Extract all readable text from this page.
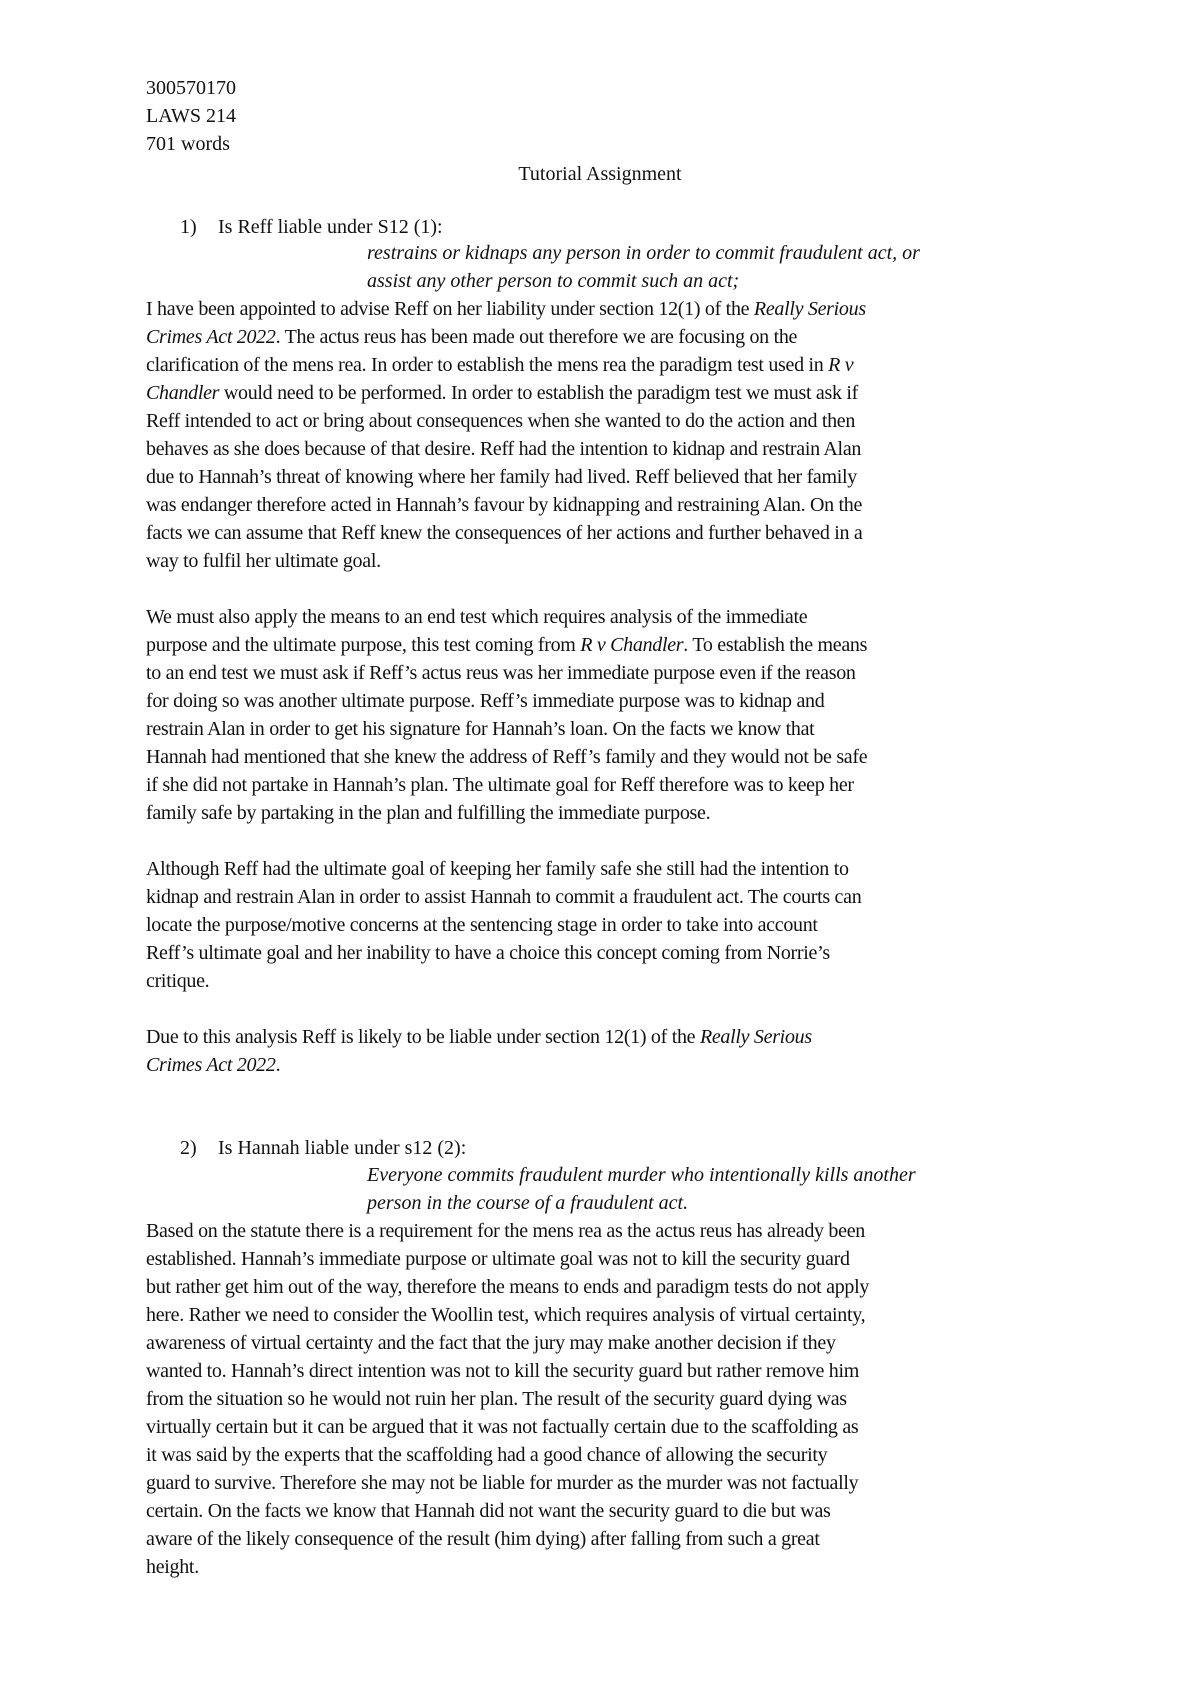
300570170
LAWS 214
701 words
Tutorial Assignment
1) Is Reff liable under S12 (1):
restrains or kidnaps any person in order to commit fraudulent act, or
assist any other person to commit such an act;
I have been appointed to advise Reff on her liability under section 12(1) of the Really Serious
Crimes Act 2022. The actus reus has been made out therefore we are focusing on the
clarification of the mens rea. In order to establish the mens rea the paradigm test used in R v
Chandler would need to be performed. In order to establish the paradigm test we must ask if
Reff intended to act or bring about consequences when she wanted to do the action and then
behaves as she does because of that desire. Reff had the intention to kidnap and restrain Alan
due to Hannah’s threat of knowing where her family had lived. Reff believed that her family
was endanger therefore acted in Hannah’s favour by kidnapping and restraining Alan. On the
facts we can assume that Reff knew the consequences of her actions and further behaved in a
way to fulfil her ultimate goal.
We must also apply the means to an end test which requires analysis of the immediate
purpose and the ultimate purpose, this test coming from R v Chandler. To establish the means
to an end test we must ask if Reff’s actus reus was her immediate purpose even if the reason
for doing so was another ultimate purpose. Reff’s immediate purpose was to kidnap and
restrain Alan in order to get his signature for Hannah’s loan. On the facts we know that
Hannah had mentioned that she knew the address of Reff’s family and they would not be safe
if she did not partake in Hannah’s plan. The ultimate goal for Reff therefore was to keep her
family safe by partaking in the plan and fulfilling the immediate purpose.
Although Reff had the ultimate goal of keeping her family safe she still had the intention to
kidnap and restrain Alan in order to assist Hannah to commit a fraudulent act. The courts can
locate the purpose/motive concerns at the sentencing stage in order to take into account
Reff’s ultimate goal and her inability to have a choice this concept coming from Norrie’s
critique.
Due to this analysis Reff is likely to be liable under section 12(1) of the Really Serious
Crimes Act 2022.
2) Is Hannah liable under s12 (2):
Everyone commits fraudulent murder who intentionally kills another
person in the course of a fraudulent act.
Based on the statute there is a requirement for the mens rea as the actus reus has already been
established. Hannah’s immediate purpose or ultimate goal was not to kill the security guard
but rather get him out of the way, therefore the means to ends and paradigm tests do not apply
here. Rather we need to consider the Woollin test, which requires analysis of virtual certainty,
awareness of virtual certainty and the fact that the jury may make another decision if they
wanted to. Hannah’s direct intention was not to kill the security guard but rather remove him
from the situation so he would not ruin her plan. The result of the security guard dying was
virtually certain but it can be argued that it was not factually certain due to the scaffolding as
it was said by the experts that the scaffolding had a good chance of allowing the security
guard to survive. Therefore she may not be liable for murder as the murder was not factually
certain. On the facts we know that Hannah did not want the security guard to die but was
aware of the likely consequence of the result (him dying) after falling from such a great
height.
